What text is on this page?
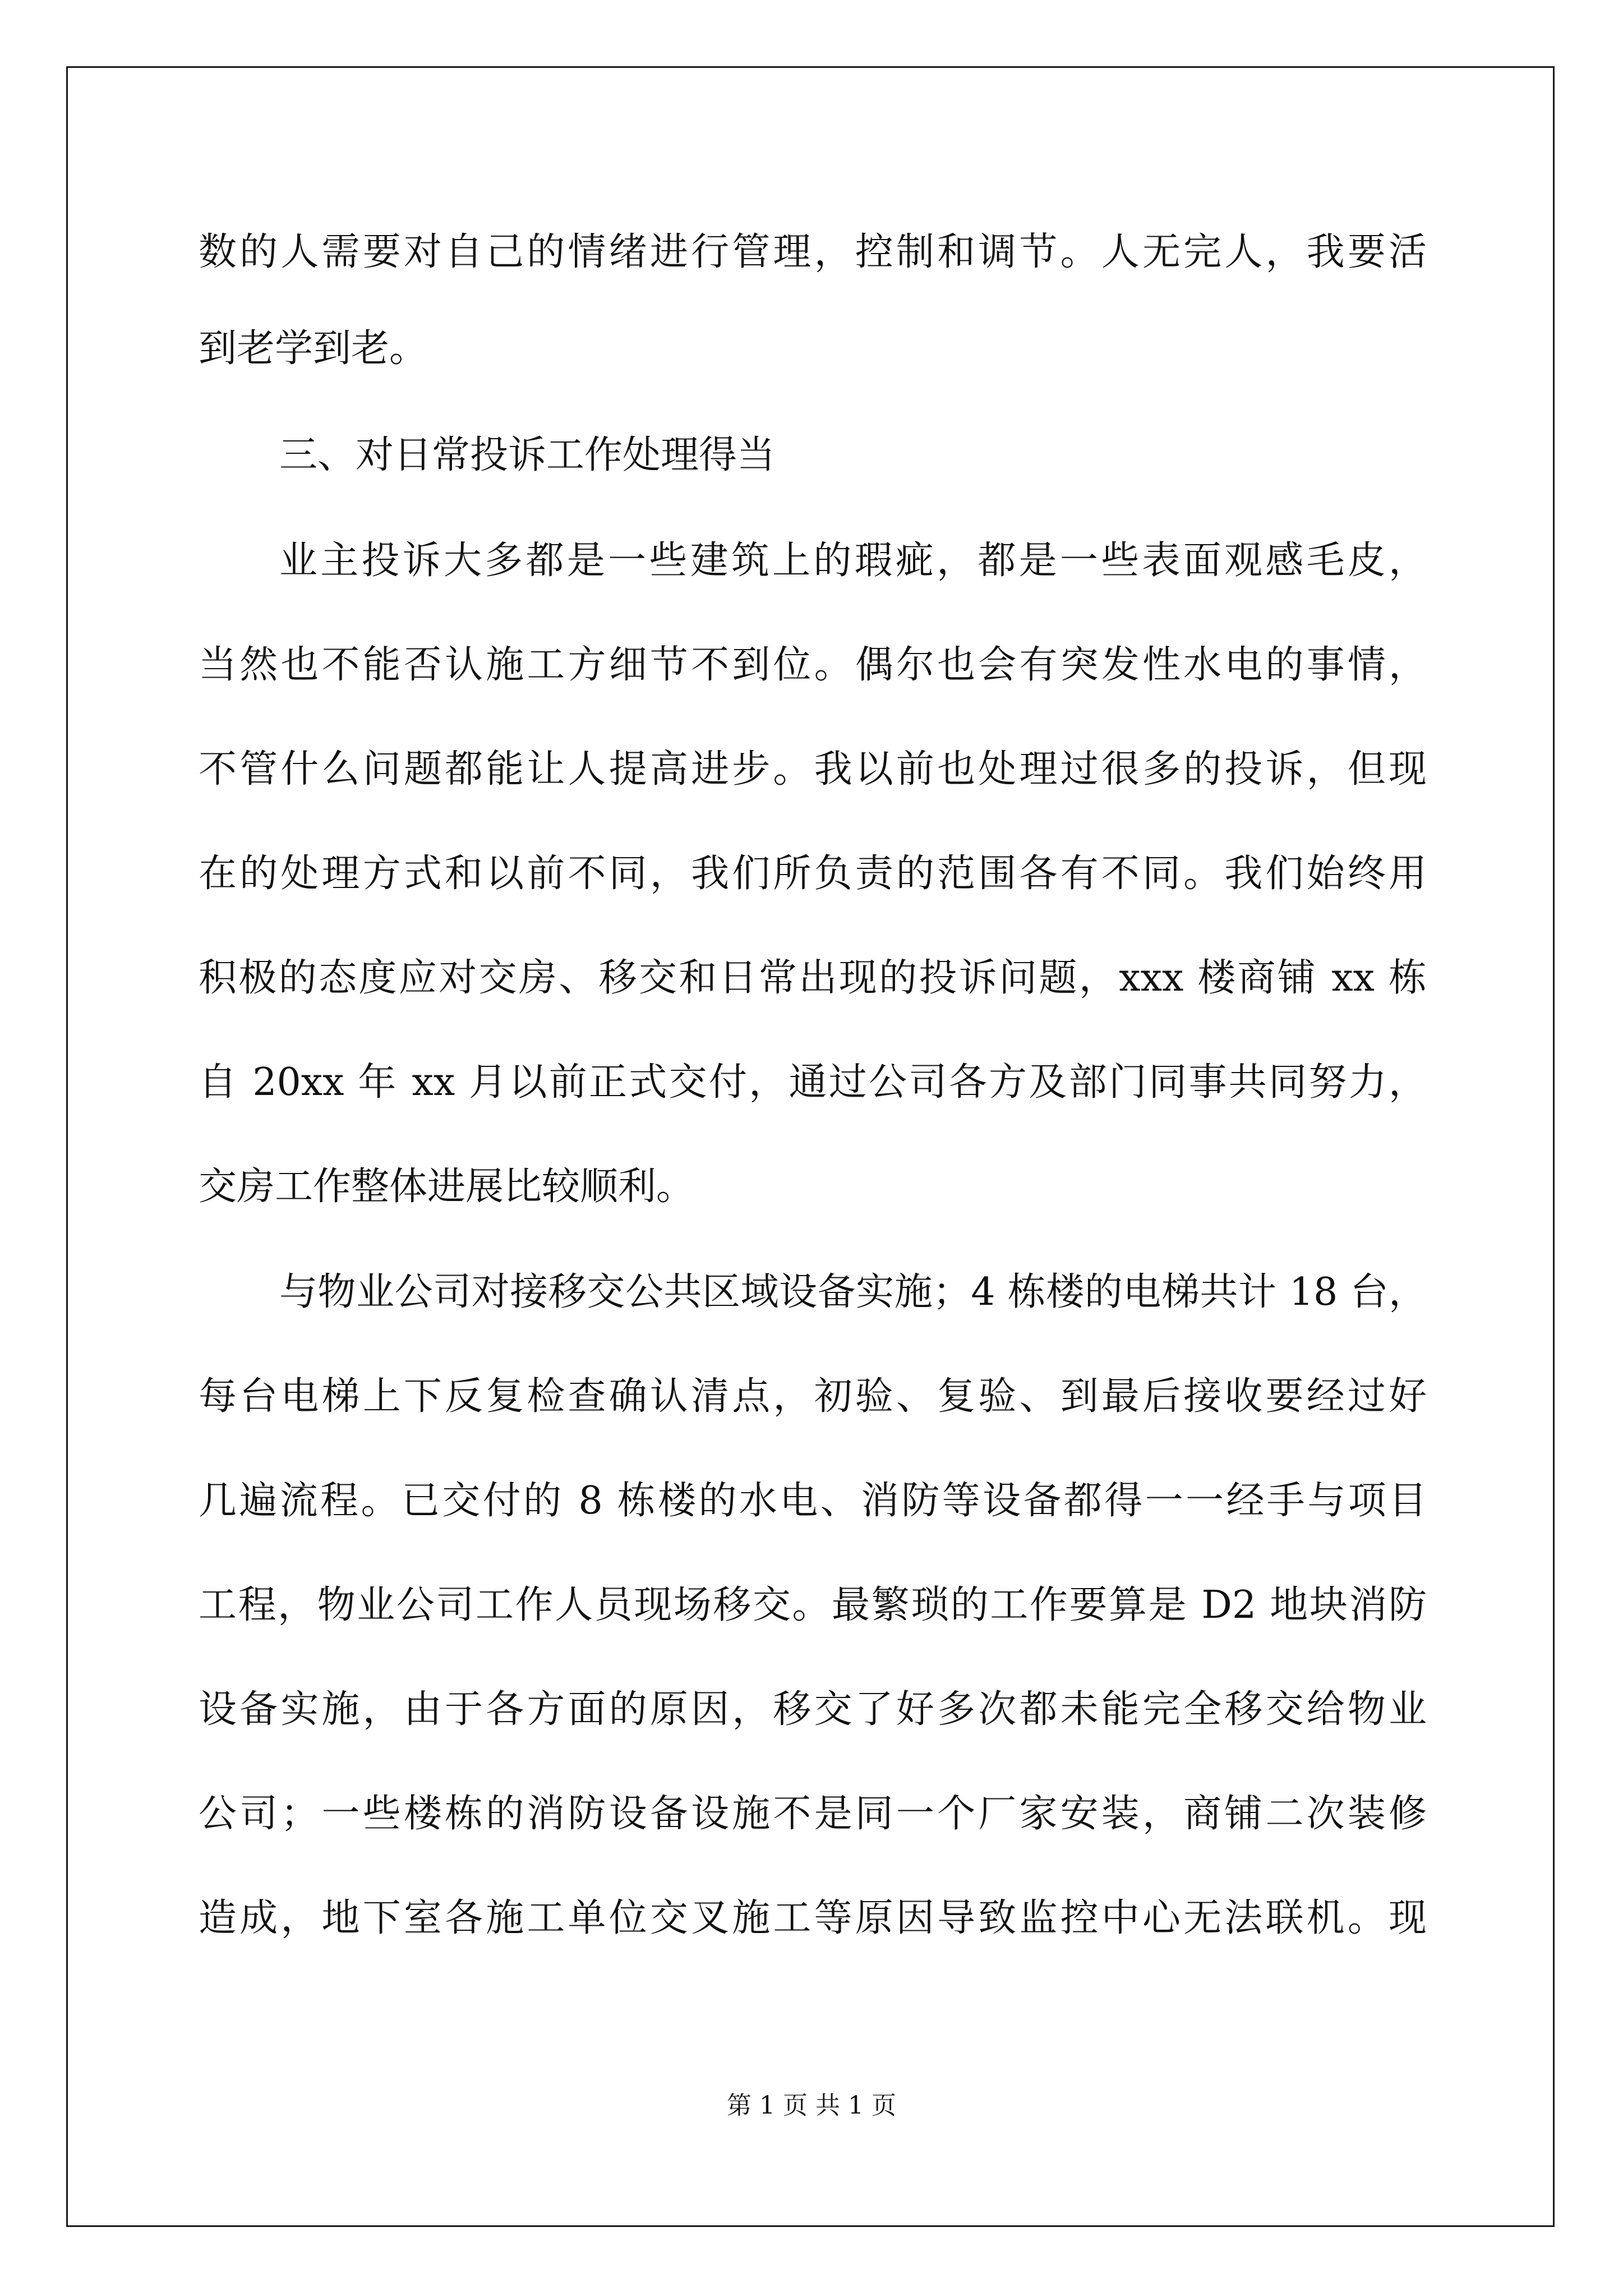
数的人需要对自己的情绪进行管理，控制和调节。人无完人，我要活
到老学到老。
三、对日常投诉工作处理得当
业主投诉大多都是一些建筑上的瑕疵，都是一些表面观感毛皮，
当然也不能否认施工方细节不到位。偶尔也会有突发性水电的事情，
不管什么问题都能让人提高进步。我以前也处理过很多的投诉，但现
在的处理方式和以前不同，我们所负责的范围各有不同。我们始终用
积极的态度应对交房、移交和日常出现的投诉问题，xxx 楼商铺 xx 栋
自 20xx 年 xx 月以前正式交付，通过公司各方及部门同事共同努力，
交房工作整体进展比较顺利。
与物业公司对接移交公共区域设备实施；4 栋楼的电梯共计 18 台，
每台电梯上下反复检查确认清点，初验、复验、到最后接收要经过好
几遍流程。已交付的 8 栋楼的水电、消防等设备都得一一经手与项目
工程，物业公司工作人员现场移交。最繁琐的工作要算是 D2 地块消防
设备实施，由于各方面的原因，移交了好多次都未能完全移交给物业
公司；一些楼栋的消防设备设施不是同一个厂家安装，商铺二次装修
造成，地下室各施工单位交叉施工等原因导致监控中心无法联机。现
第 1 页 共 1 页
